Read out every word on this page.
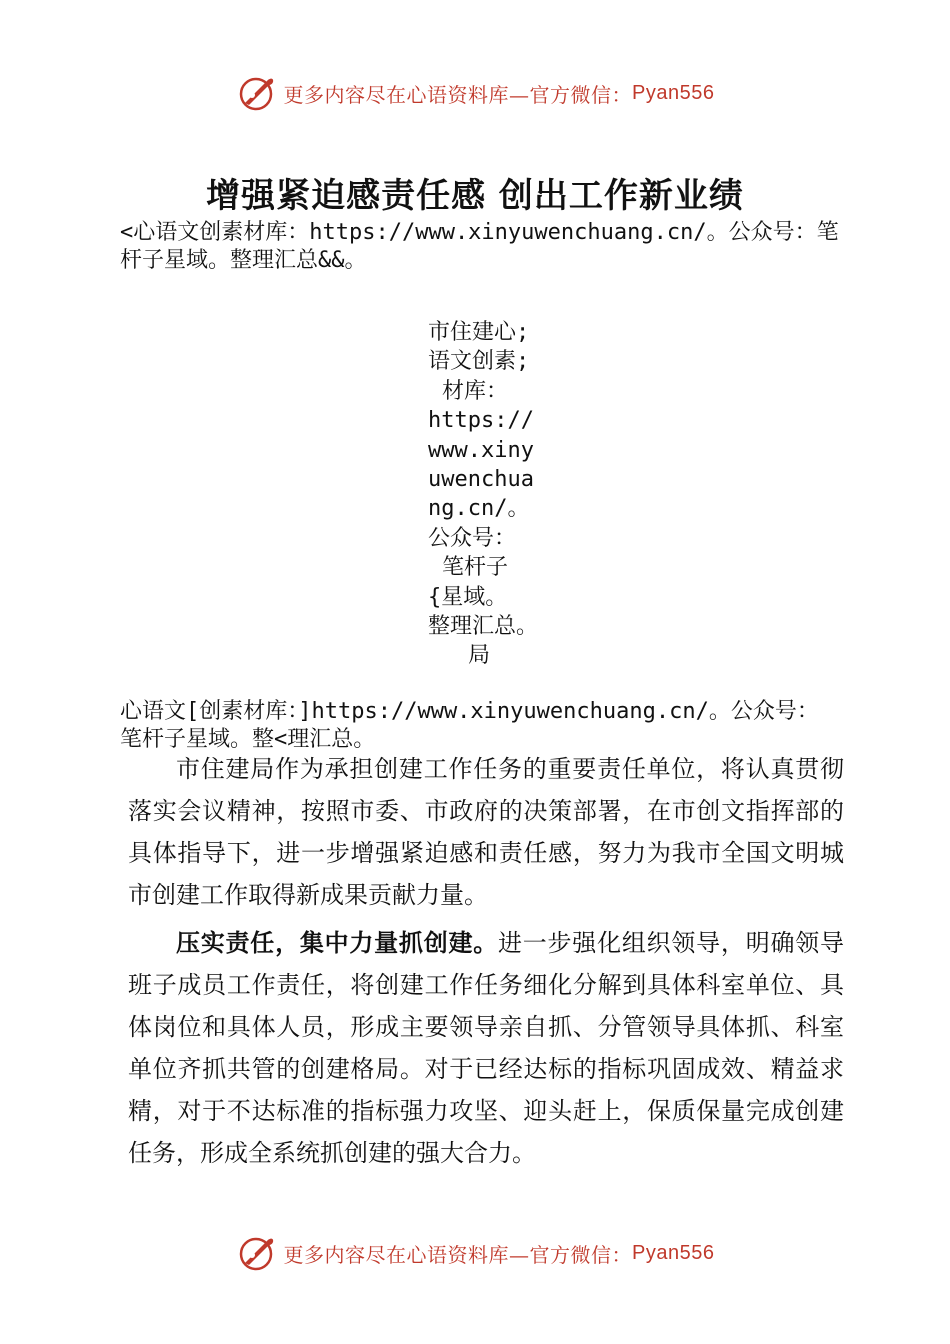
更多内容尽在心语资料库—官方微信： Pyan556
增强紧迫感责任感 创出工作新业绩
<心语文创素材库：https://www.xinyuwenchuang.cn/。公众号：笔杆子星域。整理汇总&&。
市住建心;
语文创素;
材库：
https://
www.xiny
uwenchua
ng.cn/。
公众号：
笔杆子
{星域。
整理汇总。
局
心语文[创素材库：]https://www.xinyuwenchuang.cn/。公众号：笔杆子星域。整<理汇总。
市住建局作为承担创建工作任务的重要责任单位，将认真贯彻落实会议精神，按照市委、市政府的决策部署，在市创文指挥部的具体指导下，进一步增强紧迫感和责任感，努力为我市全国文明城市创建工作取得新成果贡献力量。
压实责任，集中力量抓创建。进一步强化组织领导，明确领导班子成员工作责任，将创建工作任务细化分解到具体科室单位、具体岗位和具体人员，形成主要领导亲自抓、分管领导具体抓、科室单位齐抓共管的创建格局。对于已经达标的指标巩固成效、精益求精，对于不达标准的指标强力攻坚、迎头赶上，保质保量完成创建任务，形成全系统抓创建的强大合力。
更多内容尽在心语资料库—官方微信： Pyan556
